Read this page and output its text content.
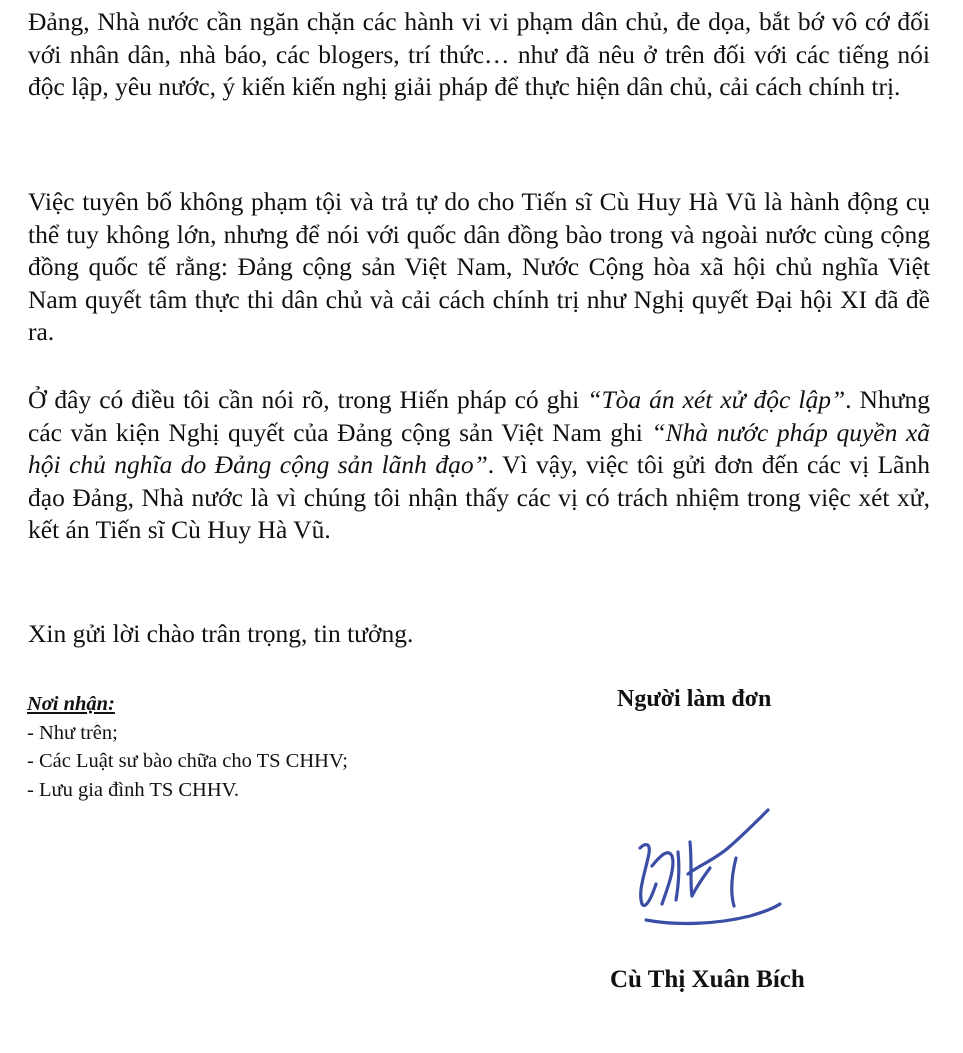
Đảng, Nhà nước cần ngăn chặn các hành vi vi phạm dân chủ, đe dọa, bắt bớ vô cớ đối với nhân dân, nhà báo, các blogers, trí thức… như đã nêu ở trên đối với các tiếng nói độc lập, yêu nước, ý kiến kiến nghị giải pháp để thực hiện dân chủ, cải cách chính trị.

Việc tuyên bố không phạm tội và trả tự do cho Tiến sĩ Cù Huy Hà Vũ là hành động cụ thể tuy không lớn, nhưng để nói với quốc dân đồng bào trong và ngoài nước cùng cộng đồng quốc tế rằng: Đảng cộng sản Việt Nam, Nước Cộng hòa xã hội chủ nghĩa Việt Nam quyết tâm thực thi dân chủ và cải cách chính trị như Nghị quyết Đại hội XI đã đề ra.

Ở đây có điều tôi cần nói rõ, trong Hiến pháp có ghi “Tòa án xét xử độc lập”. Nhưng các văn kiện Nghị quyết của Đảng cộng sản Việt Nam ghi “Nhà nước pháp quyền xã hội chủ nghĩa do Đảng cộng sản lãnh đạo”. Vì vậy, việc tôi gửi đơn đến các vị Lãnh đạo Đảng, Nhà nước là vì chúng tôi nhận thấy các vị có trách nhiệm trong việc xét xử, kết án Tiến sĩ Cù Huy Hà Vũ.

Xin gửi lời chào trân trọng, tin tưởng.

Nơi nhận:
- Như trên;
- Các Luật sư bào chữa cho TS CHHV;
- Lưu gia đình TS CHHV.
Người làm đơn
Cù Thị Xuân Bích
